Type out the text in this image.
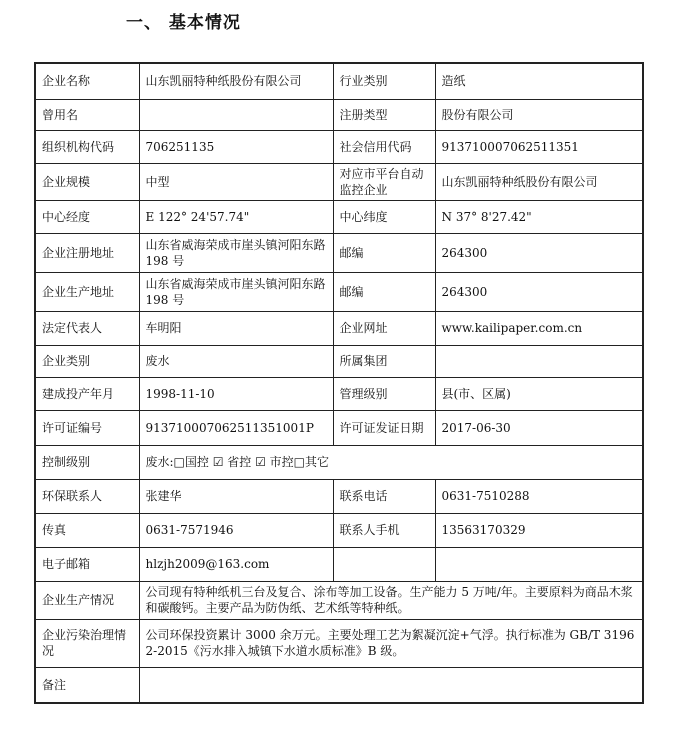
一、 基本情况
企业名称	山东凯丽特种纸股份有限公司	行业类别	造纸
曾用名		注册类型	股份有限公司
组织机构代码	706251135	社会信用代码	913710007062511351
企业规模	中型	对应市平台自动监控企业	山东凯丽特种纸股份有限公司
中心经度	E 122° 24'57.74"	中心纬度	N 37° 8'27.42"
企业注册地址	山东省威海荣成市崖头镇河阳东路 198 号	邮编	264300
企业生产地址	山东省威海荣成市崖头镇河阳东路 198 号	邮编	264300
法定代表人	车明阳	企业网址	www.kailipaper.com.cn
企业类别	废水	所属集团	
建成投产年月	1998-11-10	管理级别	县(市、区属)
许可证编号	91371000706251135​1001P	许可证发证日期	2017-06-30
控制级别	废水:□国控 ☑ 省控 ☑ 市控□其它		
环保联系人	张建华	联系电话	0631-7510288
传真	0631-7571946	联系人手机	13563170329
电子邮箱	hlzjh2009@163.com		
企业生产情况	公司现有特种纸机三台及复合、涂布等加工设备。生产能力 5 万吨/年。主要原料为商品木浆和碳酸钙。主要产品为防伪纸、艺术纸等特种纸。		
企业污染治理情况	公司环保投资累计 3000 余万元。主要处理工艺为絮凝沉淀+气浮。执行标准为 GB/T 31962-2015《污水排入城镇下水道水质标准》B 级。		
备注			
